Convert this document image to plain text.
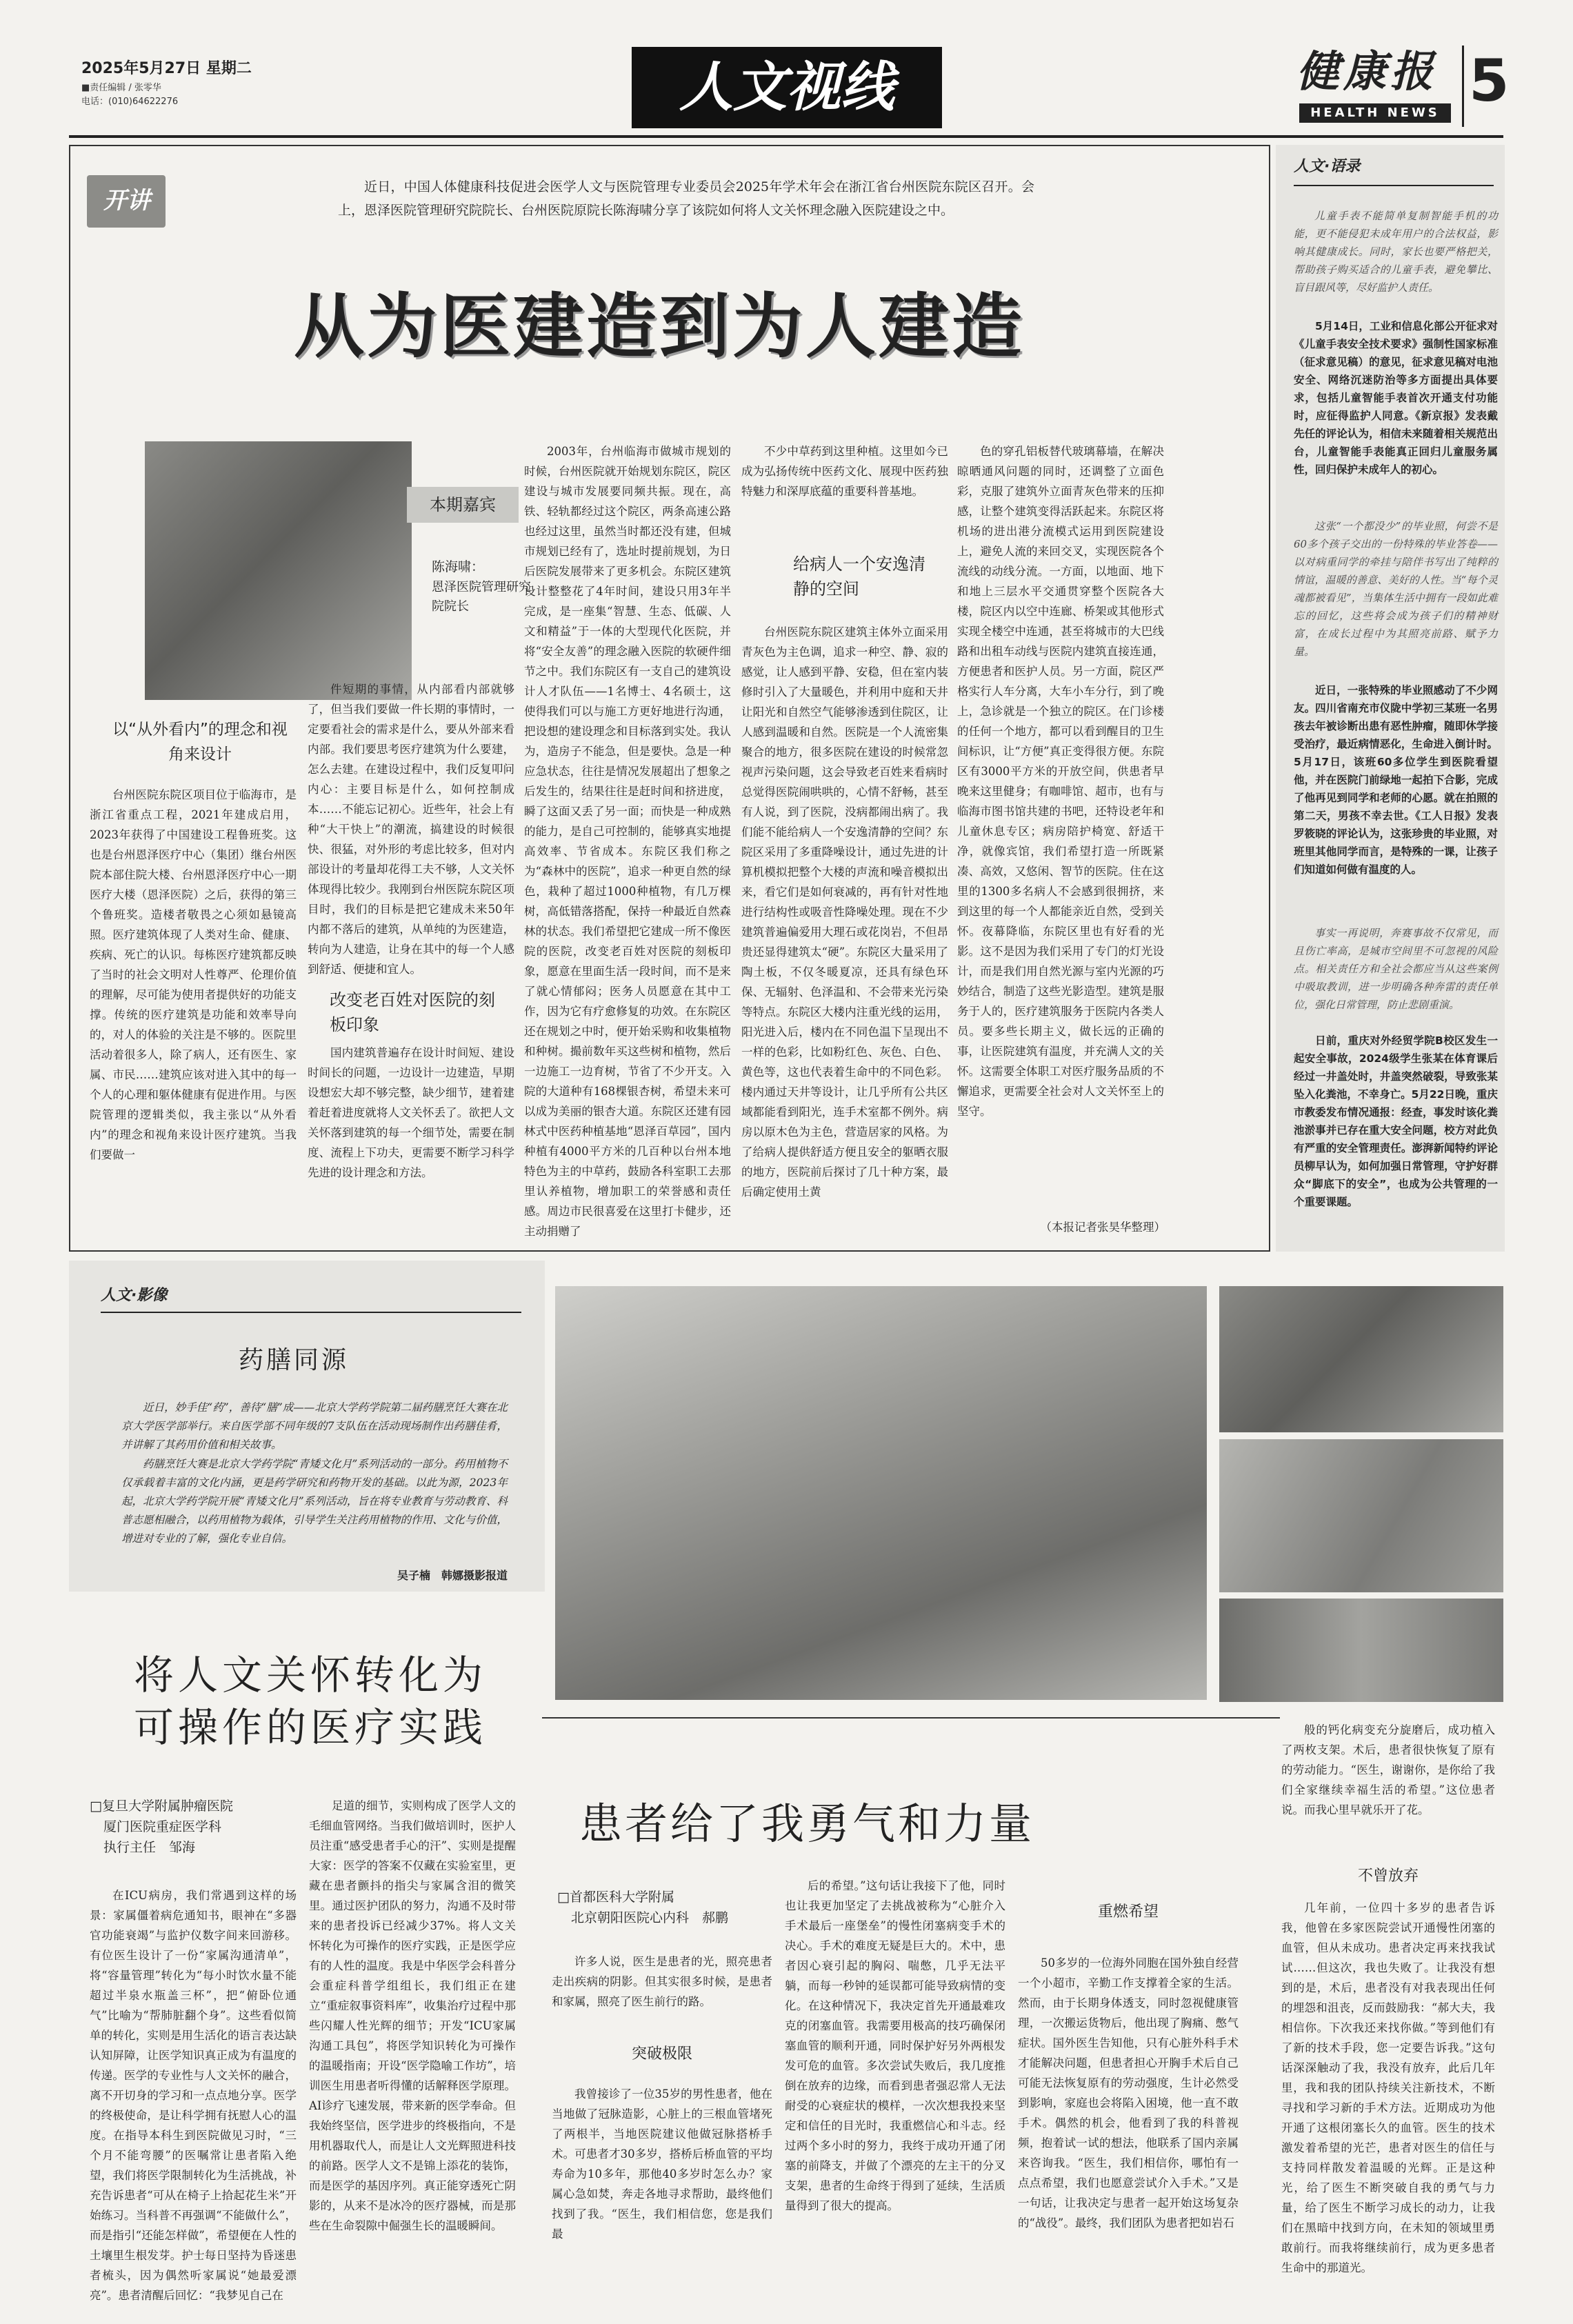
2025年5月27日 星期二
■责任编辑 / 张零华
电话：(010)64622276	人文视线	健康报
HEALTH NEWS 5
开讲	近日，中国人体健康科技促进会医学人文与医院管理专业委员会2025年学术年会在浙江省台州医院东院区召开。会上，恩泽医院管理研究院院长、台州医院原院长陈海啸分享了该院如何将人文关怀理念融入医院建设之中。

从为医建造到为人建造
本期嘉宾
陈海啸：
恩泽医院管理研究院院长
以“从外看内”的理念和视角来设计

台州医院东院区项目位于临海市，是浙江省重点工程，2021年建成启用，2023年获得了中国建设工程鲁班奖。这也是台州恩泽医疗中心（集团）继台州医院本部住院大楼、台州恩泽医疗中心一期医疗大楼（恩泽医院）之后，获得的第三个鲁班奖。造楼者敬畏之心须如悬镜高照。医疗建筑体现了人类对生命、健康、疾病、死亡的认识。每栋医疗建筑都反映了当时的社会文明对人性尊严、伦理价值的理解，尽可能为使用者提供好的功能支撑。传统的医疗建筑是功能和效率导向的，对人的体验的关注是不够的。医院里活动着很多人，除了病人，还有医生、家属、市民……建筑应该对进入其中的每一个人的心理和躯体健康有促进作用。与医院管理的逻辑类似，我主张以“从外看内”的理念和视角来设计医疗建筑。当我们要做一

件短期的事情，从内部看内部就够了，但当我们要做一件长期的事情时，一定要看社会的需求是什么，要从外部来看内部。我们要思考医疗建筑为什么要建，怎么去建。在建设过程中，我们反复叩问内心：主要目标是什么，如何控制成本……不能忘记初心。近些年，社会上有种“大干快上”的潮流，搞建设的时候很快、很猛，对外形的考虑比较多，但对内部设计的考量却花得工夫不够，人文关怀体现得比较少。我刚到台州医院东院区项目时，我们的目标是把它建成未来50年内都不落后的建筑，从单纯的为医建造，转向为人建造，让身在其中的每一个人感到舒适、便捷和宜人。

改变老百姓对医院的刻板印象

国内建筑普遍存在设计时间短、建设时间长的问题，一边设计一边建造，早期设想宏大却不够完整，缺少细节，建着建着赶着进度就将人文关怀丢了。欲把人文关怀落到建筑的每一个细节处，需要在制度、流程上下功夫，更需要不断学习科学先进的设计理念和方法。

2003年，台州临海市做城市规划的时候，台州医院就开始规划东院区，院区建设与城市发展要同频共振。现在，高铁、轻轨都经过这个院区，两条高速公路也经过这里，虽然当时都还没有建，但城市规划已经有了，选址时提前规划，为日后医院发展带来了更多机会。东院区建筑设计整整花了4年时间，建设只用3年半完成，是一座集“智慧、生态、低碳、人文和精益”于一体的大型现代化医院，并将“安全友善”的理念融入医院的软硬件细节之中。我们东院区有一支自己的建筑设计人才队伍——1名博士、4名硕士，这使得我们可以与施工方更好地进行沟通，把设想的建设理念和目标落到实处。我认为，造房子不能急，但是要快。急是一种应急状态，往往是情况发展超出了想象之后发生的，结果往往是赶时间和挤进度，瞬了这面又丢了另一面；而快是一种成熟的能力，是自己可控制的，能够真实地提高效率、节省成本。东院区我们称之为“森林中的医院”，追求一种更自然的绿色，栽种了超过1000种植物，有几万棵树，高低错落搭配，保持一种最近自然森林的状态。我们希望把它建成一所不像医院的医院，改变老百姓对医院的刻板印象，愿意在里面生活一段时间，而不是来了就心情郁闷；医务人员愿意在其中工作，因为它有疗愈修复的功效。在东院区还在规划之中时，便开始采购和收集植物和种树。撮前数年买这些树和植物，然后一边施工一边育树，节省了不少开支。入院的大道种有168棵银杏树，希望未来可以成为美丽的银杏大道。东院区还建有园林式中医药种植基地“恩泽百草园”，国内种植有4000平方米的几百种以台州本地特色为主的中草药，鼓励各科室职工去那里认养植物，增加职工的荣誉感和责任感。周边市民很喜爱在这里打卡健步，还主动捐赠了

不少中草药到这里种植。这里如今已成为弘扬传统中医药文化、展现中医药独特魅力和深厚底蕴的重要科普基地。

给病人一个安逸清静的空间

台州医院东院区建筑主体外立面采用青灰色为主色调，追求一种空、静、寂的感觉，让人感到平静、安稳，但在室内装修时引入了大量暖色，并利用中庭和天井让阳光和自然空气能够渗透到住院区，让人感到温暖和自然。医院是一个人流密集聚合的地方，很多医院在建设的时候常忽视声污染问题，这会导致老百姓来看病时总觉得医院闹哄哄的，心情不舒畅，甚至有人说，到了医院，没病都闹出病了。我们能不能给病人一个安逸清静的空间？东院区采用了多重降噪设计，通过先进的计算机模拟把整个大楼的声流和噪音模拟出来，看它们是如何衰减的，再有针对性地进行结构性或吸音性降噪处理。现在不少建筑普遍偏爱用大理石或花岗岩，不但昂贵还显得建筑太“硬”。东院区大量采用了陶土板，不仅冬暖夏凉，还具有绿色环保、无辐射、色泽温和、不会带来光污染等特点。东院区大楼内注重光线的运用，阳光进入后，楼内在不同色温下呈现出不一样的色彩，比如粉红色、灰色、白色、黄色等，这也代表着生命中的不同色彩。楼内通过天井等设计，让几乎所有公共区域都能看到阳光，连手术室都不例外。病房以原木色为主色，营造居家的风格。为了给病人提供舒适方便且安全的躯晒衣服的地方，医院前后探讨了几十种方案，最后确定使用土黄

色的穿孔铝板替代玻璃幕墙，在解决晾晒通风问题的同时，还调整了立面色彩，克服了建筑外立面青灰色带来的压抑感，让整个建筑变得活跃起来。东院区将机场的进出港分流模式运用到医院建设上，避免人流的来回交叉，实现医院各个流线的动线分流。一方面，以地面、地下和地上三层水平交通贯穿整个医院各大楼，院区内以空中连廊、桥架或其他形式实现全楼空中连通，甚至将城市的大巴线路和出租车动线与医院内建筑直接连通，方便患者和医护人员。另一方面，院区严格实行人车分离，大车小车分行，到了晚上，急诊就是一个独立的院区。在门诊楼的任何一个地方，都可以看到醒目的卫生间标识，让“方便”真正变得很方便。东院区有3000平方米的开放空间，供患者早晚来这里健身；有咖啡馆、超市，也有与临海市图书馆共建的书吧，还特设老年和儿童休息专区；病房陪护椅宽、舒适干净，就像宾馆，我们希望打造一所既紧凑、高效，又悠闲、智节的医院。住在这里的1300多名病人不会感到很拥挤，来到这里的每一个人都能亲近自然，受到关怀。夜幕降临，东院区里也有好看的光影。这不是因为我们采用了专门的灯光设计，而是我们用自然光源与室内光源的巧妙结合，制造了这些光影造型。建筑是服务于人的，医疗建筑服务于医院内各类人员。要多些长期主义，做长远的正确的事，让医院建筑有温度，并充满人文的关怀。这需要全体职工对医疗服务品质的不懈追求，更需要全社会对人文关怀至上的坚守。

（本报记者张昊华整理）
人文·语录

儿童手表不能简单复制智能手机的功能，更不能侵犯未成年用户的合法权益，影响其健康成长。同时，家长也要严格把关，帮助孩子购买适合的儿童手表，避免攀比、盲目跟风等，尽好监护人责任。

5月14日，工业和信息化部公开征求对《儿童手表安全技术要求》强制性国家标准（征求意见稿）的意见，征求意见稿对电池安全、网络沉迷防治等多方面提出具体要求，包括儿童智能手表首次开通支付功能时，应征得监护人同意。《新京报》发表戴先任的评论认为，相信未来随着相关规范出台，儿童智能手表能真正回归儿童服务属性，回归保护未成年人的初心。

这张“一个都没少”的毕业照，何尝不是60多个孩子交出的一份特殊的毕业答卷——以对病重同学的牵挂与陪伴书写出了纯粹的情谊，温暖的善意、美好的人性。当“每个灵魂都被看见”，当集体生活中拥有一段如此难忘的回忆，这些将会成为孩子们的精神财富，在成长过程中为其照亮前路、赋予力量。

近日，一张特殊的毕业照感动了不少网友。四川省南充市仪陇中学初三某班一名男孩去年被诊断出患有恶性肿瘤，随即休学接受治疗，最近病情恶化，生命进入倒计时。5月17日，该班60多位学生到医院看望他，并在医院门前绿地一起拍下合影，完成了他再见到同学和老师的心愿。就在拍照的第二天，男孩不幸去世。《工人日报》发表罗筱晓的评论认为，这张珍贵的毕业照，对班里其他同学而言，是特殊的一课，让孩子们知道如何做有温度的人。

事实一再说明，奔赛事故不仅常见，而且伤亡率高，是城市空间里不可忽视的风险点。相关责任方和全社会都应当从这些案例中吸取教训，进一步明确各种奔雷的责任单位，强化日常管理，防止悲剧重演。

日前，重庆对外经贸学院B校区发生一起安全事故，2024级学生张某在体育课后经过一井盖处时，井盖突然破裂，导致张某坠入化粪池，不幸身亡。5月22日晚，重庆市教委发布情况通报：经查，事发时该化粪池淤事并已存在重大安全问题，校方对此负有严重的安全管理责任。澎湃新闻特约评论员柳早认为，如何加强日常管理，守护好群众“脚底下的安全”，也成为公共管理的一个重要课题。

人文·影像
药膳同源

近日，妙手佳“药”，善待“膳”成——北京大学药学院第二届药膳烹饪大赛在北京大学医学部举行。来自医学部不同年级的7支队伍在活动现场制作出药膳佳肴，并讲解了其药用价值和相关故事。

药膳烹饪大赛是北京大学药学院“青矮文化月”系列活动的一部分。药用植物不仅承载着丰富的文化内涵，更是药学研究和药物开发的基础。以此为源，2023年起，北京大学药学院开展“青矮文化月”系列活动，旨在将专业教育与劳动教育、科普志愿相融合，以药用植物为载体，引导学生关注药用植物的作用、文化与价值，增进对专业的了解，强化专业自信。

吴子楠　韩娜摄影报道
将人文关怀转化为
可操作的医疗实践
□复旦大学附属肿瘤医院
厦门医院重症医学科
执行主任　邹海

在ICU病房，我们常遇到这样的场景：家属僵着病危通知书，眼神在“多器官功能衰竭”与监护仪数字间来回游移。有位医生设计了一份“家属沟通清单”，将“容量管理”转化为“每小时饮水量不能超过半泉水瓶盖三杯”，把“俯卧位通气”比喻为“帮肺脏翻个身”。这些看似简单的转化，实则是用生活化的语言表达缺认知屏障，让医学知识真正成为有温度的传递。医学的专业性与人文关怀的融合，离不开切身的学习和一点点地分享。医学的终极使命，是让科学拥有抚慰人心的温度。在指导本科生到医院做见习时，“三个月不能弯腰”的医嘱常让患者陷入绝望，我们将医学限制转化为生活挑战，补充告诉患者“可从在椅子上拾起花生米”开始练习。当科普不再强调“不能做什么”，而是指引“还能怎样做”，希望便在人性的土壤里生根发芽。护士每日坚持为昏迷患者梳头，因为偶然听家属说“她最爱漂亮”。患者清醒后回忆：“我梦见自己在

足道的细节，实则构成了医学人文的毛细血管网络。当我们做培训时，医护人员注重“感受患者手心的汗”、实则是提醒大家：医学的答案不仅藏在实验室里，更藏在患者颤抖的指尖与家属含泪的微笑里。通过医护团队的努力，沟通不及时带来的患者投诉已经减少37%。将人文关怀转化为可操作的医疗实践，正是医学应有的人性的温度。我是中华医学会科普分会重症科普学组组长，我们组正在建立“重症叙事资料库”，收集治疗过程中那些闪耀人性光辉的细节；开发“ICU家属沟通工具包”，将医学知识转化为可操作的温暖指南；开设“医学隐喻工作坊”，培训医生用患者听得懂的话解释医学原理。AI诊疗飞速发展，带来新的医学奉命。但我始终坚信，医学进步的终极指向，不是用机器取代人，而是让人文光辉照进科技的前路。医学人文不是锦上添花的装饰，而是医学的基因序列。真正能穿透死亡阴影的，从来不是冰冷的医疗器械，而是那些在生命裂隙中倔强生长的温暖瞬间。

患者给了我勇气和力量
□首都医科大学附属
北京朝阳医院心内科　郝鹏

许多人说，医生是患者的光，照亮患者走出疾病的阴影。但其实很多时候，是患者和家属，照亮了医生前行的路。

突破极限

我曾接诊了一位35岁的男性患者，他在当地做了冠脉造影，心脏上的三根血管堵死了两根半，当地医院建议他做冠脉搭桥手术。可患者才30多岁，搭桥后桥血管的平均寿命为10多年，那他40多岁时怎么办？家属心急如焚，奔走各地寻求帮助，最终他们找到了我。“医生，我们相信您，您是我们最

后的希望。”这句话让我接下了他，同时也让我更加坚定了去挑战被称为“心脏介入手术最后一座堡垒”的慢性闭塞病变手术的决心。手术的难度无疑是巨大的。术中，患者因心衰引起的胸闷、喘憋，几乎无法平躺，而每一秒钟的延误都可能导致病情的变化。在这种情况下，我决定首先开通最难攻克的闭塞血管。我需要用极高的技巧确保闭塞血管的顺利开通，同时保护好另外两根发发可危的血管。多次尝试失败后，我几度推倒在放弃的边缘，而看到患者强忍常人无法耐受的心衰症状的模样，一次次想我投来坚定和信任的目光时，我重燃信心和斗志。经过两个多小时的努力，我终于成功开通了闭塞的前降支，并做了个漂亮的左主干的分叉支架，患者的生命终于得到了延续，生活质量得到了很大的提高。

重燃希望

50多岁的一位海外同胞在国外独自经营一个小超市，辛勤工作支撑着全家的生活。然而，由于长期身体透支，同时忽视健康管理，一次搬运货物后，他出现了胸痛、憋气症状。国外医生告知他，只有心脏外科手术才能解决问题，但患者担心开胸手术后自己可能无法恢复原有的劳动强度，生计必然受到影响，家庭也会将陷入困境，他一直不敢手术。偶然的机会，他看到了我的科普视频，抱着试一试的想法，他联系了国内亲属来咨询我。“医生，我们相信你，哪怕有一点点希望，我们也愿意尝试介入手术。”又是一句话，让我决定与患者一起开始这场复杂的“战役”。最终，我们团队为患者把如岩石

般的钙化病变充分旋磨后，成功植入了两枚支架。术后，患者很快恢复了原有的劳动能力。“医生，谢谢你，是你给了我们全家继续幸福生活的希望。”这位患者说。而我心里早就乐开了花。

不曾放弃

几年前，一位四十多岁的患者告诉我，他曾在多家医院尝试开通慢性闭塞的血管，但从未成功。患者决定再来找我试试……但这次，我也失败了。让我没有想到的是，术后，患者没有对我表现出任何的埋怨和沮丧，反而鼓励我：“郝大夫，我相信你。下次我还来找你做。”等到他们有了新的技术手段，您一定要告诉我。”这句话深深触动了我，我没有放弃，此后几年里，我和我的团队持续关注新技术，不断寻找和学习新的手术方法。近期成功为他开通了这根闭塞长久的血管。医生的技术激发着希望的光芒，患者对医生的信任与支持同样散发着温暖的光辉。正是这种光，给了医生不断突破自我的勇气与力量，给了医生不断学习成长的动力，让我们在黑暗中找到方向，在未知的领域里勇敢前行。而我将继续前行，成为更多患者生命中的那道光。
